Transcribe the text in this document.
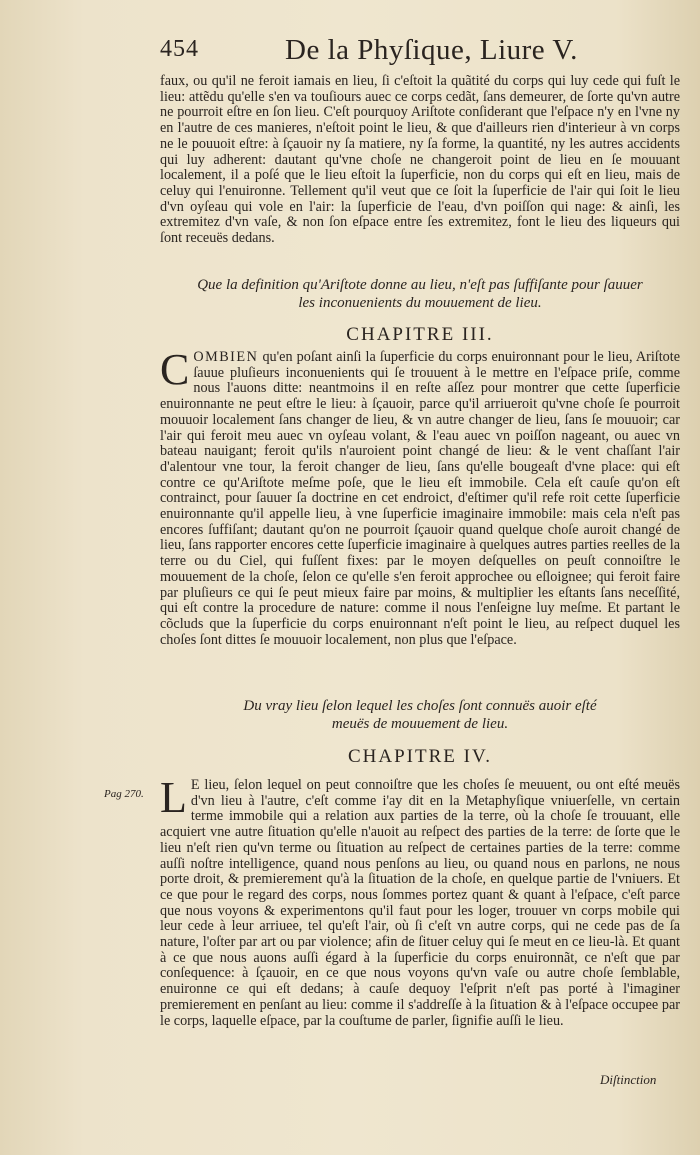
454	De la Phyſique, Liure V.

faux, ou qu'il ne feroit iamais en lieu, ſi c'eſtoit la quãtité du corps qui luy cede qui fuſt le lieu: attẽdu qu'elle s'en va touſiours auec ce corps cedãt, ſans demeurer, de ſorte qu'vn autre ne pourroit eſtre en ſon lieu. C'eſt pourquoy Ariſtote conſiderant que l'eſpace n'y en l'vne ny en l'autre de ces manieres, n'eſtoit point le lieu, & que d'ailleurs rien d'interieur à vn corps ne le pouuoit eſtre: à ſçauoir ny ſa matiere, ny ſa forme, la quantité, ny les autres accidents qui luy adherent: dautant qu'vne choſe ne changeroit point de lieu en ſe mouuant localement, il a poſé que le lieu eſtoit la ſuperficie, non du corps qui eſt en lieu, mais de celuy qui l'enuironne. Tellement qu'il veut que ce ſoit la ſuperficie de l'air qui ſoit le lieu d'vn oyſeau qui vole en l'air: la ſuperficie de l'eau, d'vn poiſſon qui nage: & ainſi, les extremitez d'vn vaſe, & non ſon eſpace entre ſes extremitez, font le lieu des liqueurs qui ſont receuës dedans.

Que la definition qu'Ariſtote donne au lieu, n'eſt pas ſuffiſante pour ſauuer
les inconuenients du mouuement de lieu.
CHAPITRE III.

COMBIEN qu'en poſant ainſi la ſuperficie du corps enuironnant pour le lieu, Ariſtote ſauue pluſieurs inconuenients qui ſe trouuent à le mettre en l'eſpace priſe, comme nous l'auons ditte: neantmoins il en reſte aſſez pour montrer que cette ſuperficie enuironnante ne peut eſtre le lieu: à ſçauoir, parce qu'il arriueroit qu'vne choſe ſe pourroit mouuoir localement ſans changer de lieu, & vn autre changer de lieu, ſans ſe mouuoir; car l'air qui feroit meu auec vn oyſeau volant, & l'eau auec vn poiſſon nageant, ou auec vn bateau nauigant; feroit qu'ils n'auroient point changé de lieu: & le vent chaſſant l'air d'alentour vne tour, la feroit changer de lieu, ſans qu'elle bougeaſt d'vne place: qui eſt contre ce qu'Ariſtote meſme poſe, que le lieu eſt immobile. Cela eſt cauſe qu'on eſt contrainct, pour ſauuer ſa doctrine en cet endroict, d'eſtimer qu'il refe roit cette ſuperficie enuironnante qu'il appelle lieu, à vne ſuperficie imaginaire immobile: mais cela n'eſt pas encores ſuffiſant; dautant qu'on ne pourroit ſçauoir quand quelque choſe auroit changé de lieu, ſans rapporter encores cette ſuperficie imaginaire à quelques autres parties reelles de la terre ou du Ciel, qui fuſſent fixes: par le moyen deſquelles on peuſt connoiſtre le mouuement de la choſe, ſelon ce qu'elle s'en feroit approchee ou eſloignee; qui feroit faire par pluſieurs ce qui ſe peut mieux faire par moins, & multiplier les eſtants ſans neceſſité, qui eſt contre la procedure de nature: comme il nous l'enſeigne luy meſme. Et partant le cõcluds que la ſuperficie du corps enuironnant n'eſt point le lieu, au reſpect duquel les choſes ſont dittes ſe mouuoir localement, non plus que l'eſpace.

Du vray lieu ſelon lequel les choſes ſont connuës auoir eſté
meuës de mouuement de lieu.
CHAPITRE IV.
Pag 270. L E lieu, ſelon lequel on peut connoiſtre que les choſes ſe meuuent, ou ont eſté meuës d'vn lieu à l'autre, c'eſt comme i'ay dit en la Metaphyſique vniuerſelle, vn certain terme immobile qui a relation aux parties de la terre, où la choſe ſe trouuant, elle acquiert vne autre ſituation qu'elle n'auoit au reſpect des parties de la terre: de ſorte que le lieu n'eſt rien qu'vn terme ou ſituation au reſpect de certaines parties de la terre: comme auſſi noſtre intelligence, quand nous penſons au lieu, ou quand nous en parlons, ne nous porte droit, & premierement qu'à la ſituation de la choſe, en quelque partie de l'vniuers. Et ce que pour le regard des corps, nous ſommes portez quant & quant à l'eſpace, c'eſt parce que nous voyons & experimentons qu'il faut pour les loger, trouuer vn corps mobile qui leur cede à leur arriuee, tel qu'eſt l'air, où ſi c'eſt vn autre corps, qui ne cede pas de ſa nature, l'oſter par art ou par violence; afin de ſituer celuy qui ſe meut en ce lieu-là. Et quant à ce que nous auons auſſi égard à la ſuperficie du corps enuironnãt, ce n'eſt que par conſequence: à ſçauoir, en ce que nous voyons qu'vn vaſe ou autre choſe ſemblable, enuironne ce qui eſt dedans; à cauſe dequoy l'eſprit n'eſt pas porté à l'imaginer premierement en penſant au lieu: comme il s'addreſſe à la ſituation & à l'eſpace occupee par le corps, laquelle eſpace, par la couſtume de parler, ſignifie auſſi le lieu.

Diſtinction
